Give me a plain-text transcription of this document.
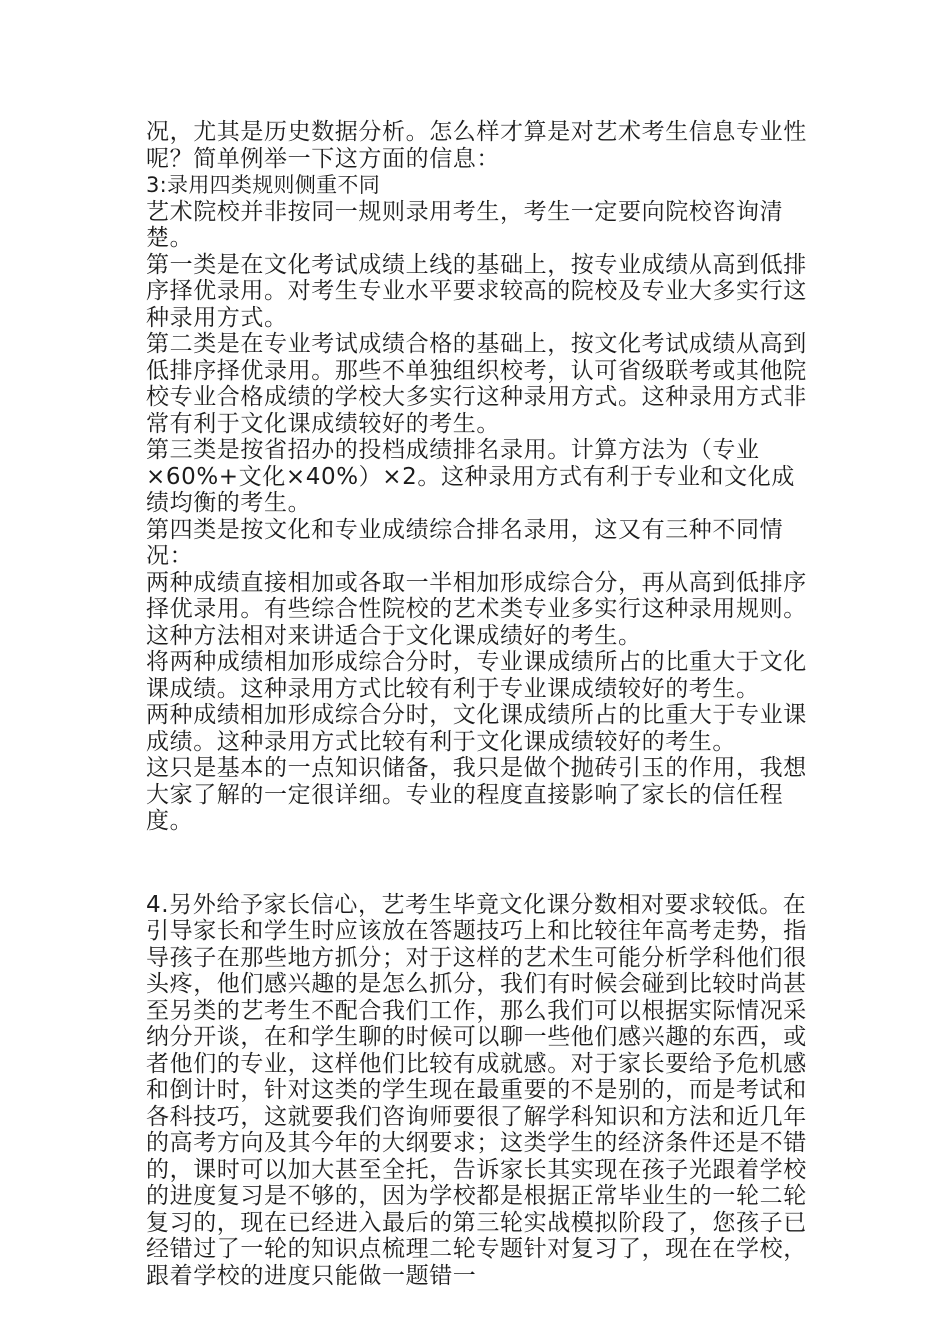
况，尤其是历史数据分析。怎么样才算是对艺术考生信息专业性呢？简单例举一下这方面的信息：

3:录用四类规则侧重不同

艺术院校并非按同一规则录用考生，考生一定要向院校咨询清楚。

第一类是在文化考试成绩上线的基础上，按专业成绩从高到低排序择优录用。对考生专业水平要求较高的院校及专业大多实行这种录用方式。

第二类是在专业考试成绩合格的基础上，按文化考试成绩从高到低排序择优录用。那些不单独组织校考，认可省级联考或其他院校专业合格成绩的学校大多实行这种录用方式。这种录用方式非常有利于文化课成绩较好的考生。

第三类是按省招办的投档成绩排名录用。计算方法为（专业×60%+文化×40%）×2。这种录用方式有利于专业和文化成绩均衡的考生。

第四类是按文化和专业成绩综合排名录用，这又有三种不同情况：

两种成绩直接相加或各取一半相加形成综合分，再从高到低排序择优录用。有些综合性院校的艺术类专业多实行这种录用规则。这种方法相对来讲适合于文化课成绩好的考生。

将两种成绩相加形成综合分时，专业课成绩所占的比重大于文化课成绩。这种录用方式比较有利于专业课成绩较好的考生。

两种成绩相加形成综合分时，文化课成绩所占的比重大于专业课成绩。这种录用方式比较有利于文化课成绩较好的考生。

这只是基本的一点知识储备，我只是做个抛砖引玉的作用，我想大家了解的一定很详细。专业的程度直接影响了家长的信任程度。

4.另外给予家长信心，艺考生毕竟文化课分数相对要求较低。在引导家长和学生时应该放在答题技巧上和比较往年高考走势，指导孩子在那些地方抓分；对于这样的艺术生可能分析学科他们很头疼，他们感兴趣的是怎么抓分，我们有时候会碰到比较时尚甚至另类的艺考生不配合我们工作，那么我们可以根据实际情况采纳分开谈，在和学生聊的时候可以聊一些他们感兴趣的东西，或者他们的专业，这样他们比较有成就感。对于家长要给予危机感和倒计时，针对这类的学生现在最重要的不是别的，而是考试和各科技巧，这就要我们咨询师要很了解学科知识和方法和近几年的高考方向及其今年的大纲要求；这类学生的经济条件还是不错的，课时可以加大甚至全托，告诉家长其实现在孩子光跟着学校的进度复习是不够的，因为学校都是根据正常毕业生的一轮二轮复习的，现在已经进入最后的第三轮实战模拟阶段了，您孩子已经错过了一轮的知识点梳理二轮专题针对复习了，现在在学校，跟着学校的进度只能做一题错一
